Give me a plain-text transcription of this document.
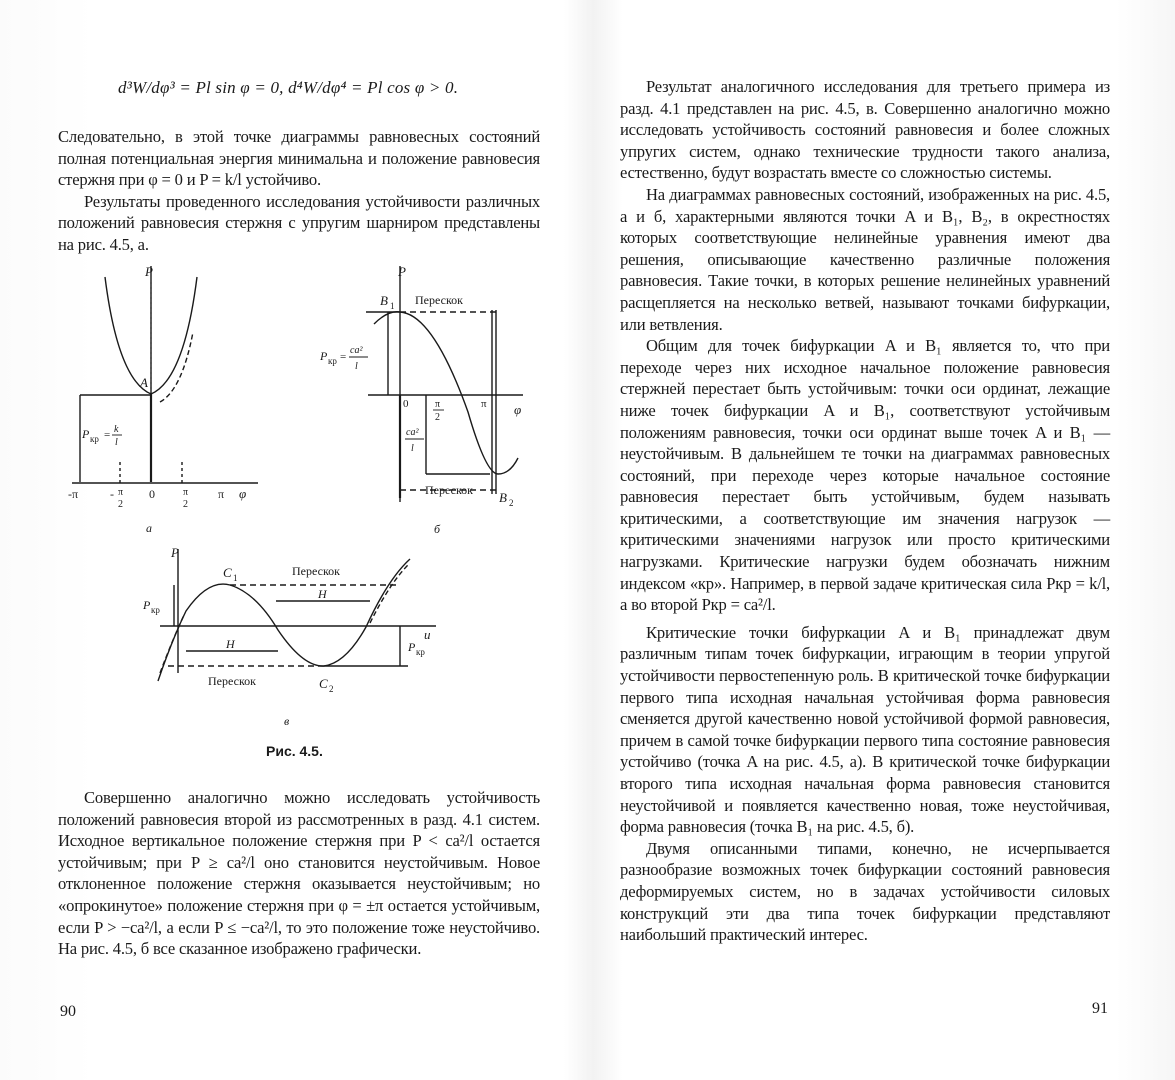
d³W/dφ³ = Pl sin φ = 0, d⁴W/dφ⁴ = Pl cos φ > 0.

Следовательно, в этой точке диаграммы равновесных состояний полная потенциальная энергия минимальна и положение равновесия стержня при φ = 0 и P = k/l устойчиво.

Результаты проведенного исследования устойчивости различных положений равновесия стержня с упругим шарниром представлены на рис. 4.5, а.

P
φ
A
P кр = k
l
-π	- π
2
0	π
2
π
а
P
φ
B 1
B 2
Перескок
Перескок
P кр =
ca²
l
ca²
l
0	π
2
π
б
P
u
C 1
C 2
Перескок
Перескок
H
H
P кр
P кр
в
Рис. 4.5.

Совершенно аналогично можно исследовать устойчивость положений равновесия второй из рассмотренных в разд. 4.1 систем. Исходное вертикальное положение стержня при P < ca²/l остается устойчивым; при P ≥ ca²/l оно становится неустойчивым. Новое отклоненное положение стержня оказывается неустойчивым; но «опрокинутое» положение стержня при φ = ±π остается устойчивым, если P > −ca²/l, а если P ≤ −ca²/l, то это положение тоже неустойчиво. На рис. 4.5, б все сказанное изображено графически.

90

Результат аналогичного исследования для третьего примера из разд. 4.1 представлен на рис. 4.5, в. Совершенно аналогично можно исследовать устойчивость состояний равновесия и более сложных упругих систем, однако технические трудности такого анализа, естественно, будут возрастать вместе со сложностью системы.

На диаграммах равновесных состояний, изображенных на рис. 4.5, а и б, характерными являются точки A и B₁, B₂, в окрестностях которых соответствующие нелинейные уравнения имеют два решения, описывающие качественно различные положения равновесия. Такие точки, в которых решение нелинейных уравнений расщепляется на несколько ветвей, называют точками бифуркации, или ветвления.

Общим для точек бифуркации A и B₁ является то, что при переходе через них исходное начальное положение равновесия стержней перестает быть устойчивым: точки оси ординат, лежащие ниже точек бифуркации A и B₁, соответствуют устойчивым положениям равновесия, точки оси ординат выше точек A и B₁ — неустойчивым. В дальнейшем те точки на диаграммах равновесных состояний, при переходе через которые начальное состояние равновесия перестает быть устойчивым, будем называть критическими, а соответствующие им значения нагрузок — критическими значениями нагрузок или просто критическими нагрузками. Критические нагрузки будем обозначать нижним индексом «кр». Например, в первой задаче критическая сила Pкр = k/l, а во второй Pкр = ca²/l.

Критические точки бифуркации A и B₁ принадлежат двум различным типам точек бифуркации, играющим в теории упругой устойчивости первостепенную роль. В критической точке бифуркации первого типа исходная начальная устойчивая форма равновесия сменяется другой качественно новой устойчивой формой равновесия, причем в самой точке бифуркации первого типа состояние равновесия устойчиво (точка A на рис. 4.5, а). В критической точке бифуркации второго типа исходная начальная форма равновесия становится неустойчивой и появляется качественно новая, тоже неустойчивая, форма равновесия (точка B₁ на рис. 4.5, б).

Двумя описанными типами, конечно, не исчерпывается разнообразие возможных точек бифуркации состояний равновесия деформируемых систем, но в задачах устойчивости силовых конструкций эти два типа точек бифуркации представляют наибольший практический интерес.

91
